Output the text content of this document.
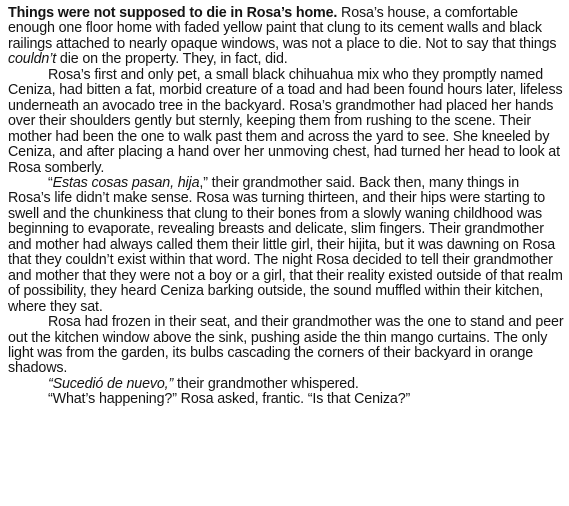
Things were not supposed to die in Rosa’s home. Rosa’s house, a comfortable enough one floor home with faded yellow paint that clung to its cement walls and black railings attached to nearly opaque windows, was not a place to die. Not to say that things couldn’t die on the property. They, in fact, did.

Rosa’s first and only pet, a small black chihuahua mix who they promptly named Ceniza, had bitten a fat, morbid creature of a toad and had been found hours later, lifeless underneath an avocado tree in the backyard. Rosa’s grandmother had placed her hands over their shoulders gently but sternly, keeping them from rushing to the scene. Their mother had been the one to walk past them and across the yard to see. She kneeled by Ceniza, and after placing a hand over her unmoving chest, had turned her head to look at Rosa somberly.

“Estas cosas pasan, hija,” their grandmother said. Back then, many things in Rosa’s life didn’t make sense. Rosa was turning thirteen, and their hips were starting to swell and the chunkiness that clung to their bones from a slowly waning childhood was beginning to evaporate, revealing breasts and delicate, slim fingers. Their grandmother and mother had always called them their little girl, their hijita, but it was dawning on Rosa that they couldn’t exist within that word. The night Rosa decided to tell their grandmother and mother that they were not a boy or a girl, that their reality existed outside of that realm of possibility, they heard Ceniza barking outside, the sound muffled within their kitchen, where they sat.

Rosa had frozen in their seat, and their grandmother was the one to stand and peer out the kitchen window above the sink, pushing aside the thin mango curtains. The only light was from the garden, its bulbs cascading the corners of their backyard in orange shadows.

“Sucedió de nuevo,” their grandmother whispered.

“What’s happening?” Rosa asked, frantic. “Is that Ceniza?”
